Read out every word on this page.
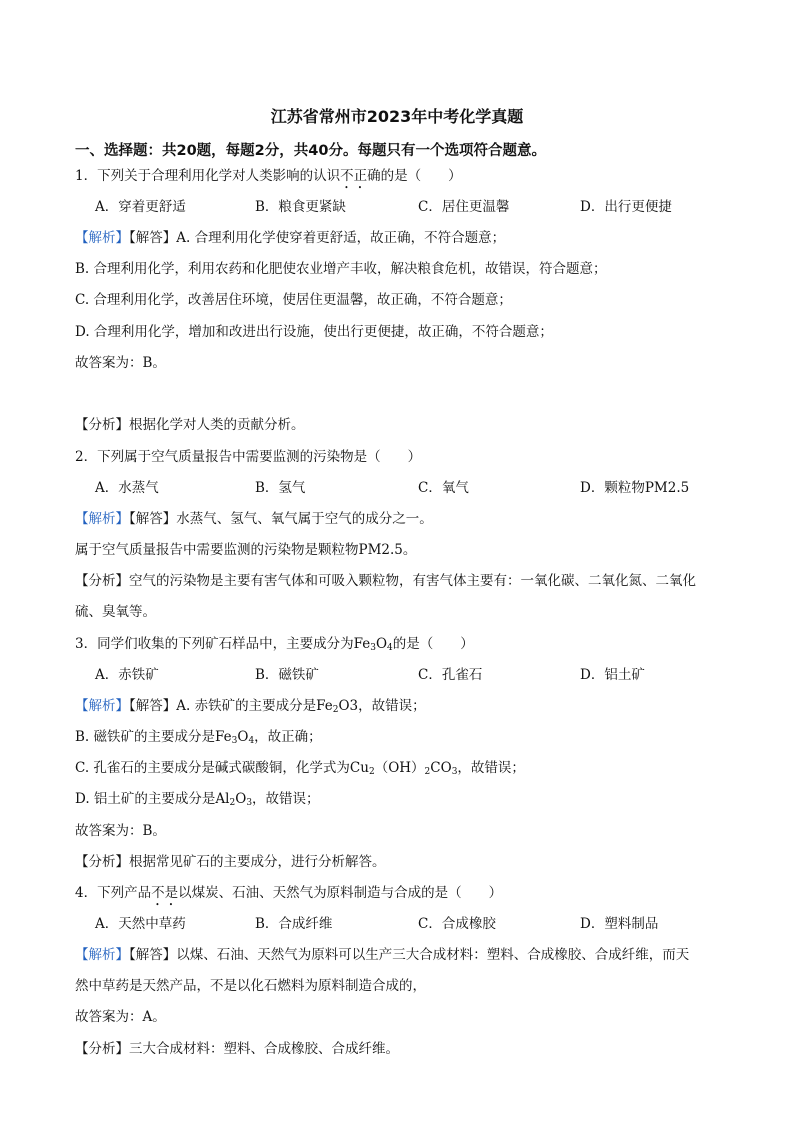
江苏省常州市2023年中考化学真题
一、选择题：共20题，每题2分，共40分。每题只有一个选项符合题意。
1．下列关于合理利用化学对人类影响的认识不正确的是（　　）
A．穿着更舒适	B．粮食更紧缺	C．居住更温馨	D．出行更便捷
【解析】【解答】A. 合理利用化学使穿着更舒适，故正确，不符合题意；
B. 合理利用化学，利用农药和化肥使农业增产丰收，解决粮食危机，故错误，符合题意；
C. 合理利用化学，改善居住环境，使居住更温馨，故正确，不符合题意；
D. 合理利用化学，增加和改进出行设施，使出行更便捷，故正确，不符合题意；
故答案为：B。
【分析】根据化学对人类的贡献分析。
2．下列属于空气质量报告中需要监测的污染物是（　　）
A．水蒸气	B．氢气	C．氧气	D．颗粒物PM2.5
【解析】【解答】水蒸气、氢气、氧气属于空气的成分之一。
属于空气质量报告中需要监测的污染物是颗粒物PM2.5。
【分析】空气的污染物是主要有害气体和可吸入颗粒物，有害气体主要有：一氧化碳、二氧化氮、二氧化
硫、臭氧等。
3．同学们收集的下列矿石样品中，主要成分为$Fe_3O_4$的是（　　）
A．赤铁矿	B．磁铁矿	C．孔雀石	D．铝土矿
【解析】【解答】A. 赤铁矿的主要成分是$Fe_2O3$，故错误；
B. 磁铁矿的主要成分是$Fe_3O_4$，故正确；
C. 孔雀石的主要成分是碱式碳酸铜，化学式为$Cu_2(OH)_2CO_3$，故错误；
D. 铝土矿的主要成分是$Al_2O_3$，故错误；
故答案为：B。
【分析】根据常见矿石的主要成分，进行分析解答。
4．下列产品不是以煤炭、石油、天然气为原料制造与合成的是（　　）
A．天然中草药	B．合成纤维	C．合成橡胶	D．塑料制品
【解析】【解答】以煤、石油、天然气为原料可以生产三大合成材料：塑料、合成橡胶、合成纤维，而天
然中草药是天然产品，不是以化石燃料为原料制造合成的，
故答案为：A。
【分析】三大合成材料：塑料、合成橡胶、合成纤维。
